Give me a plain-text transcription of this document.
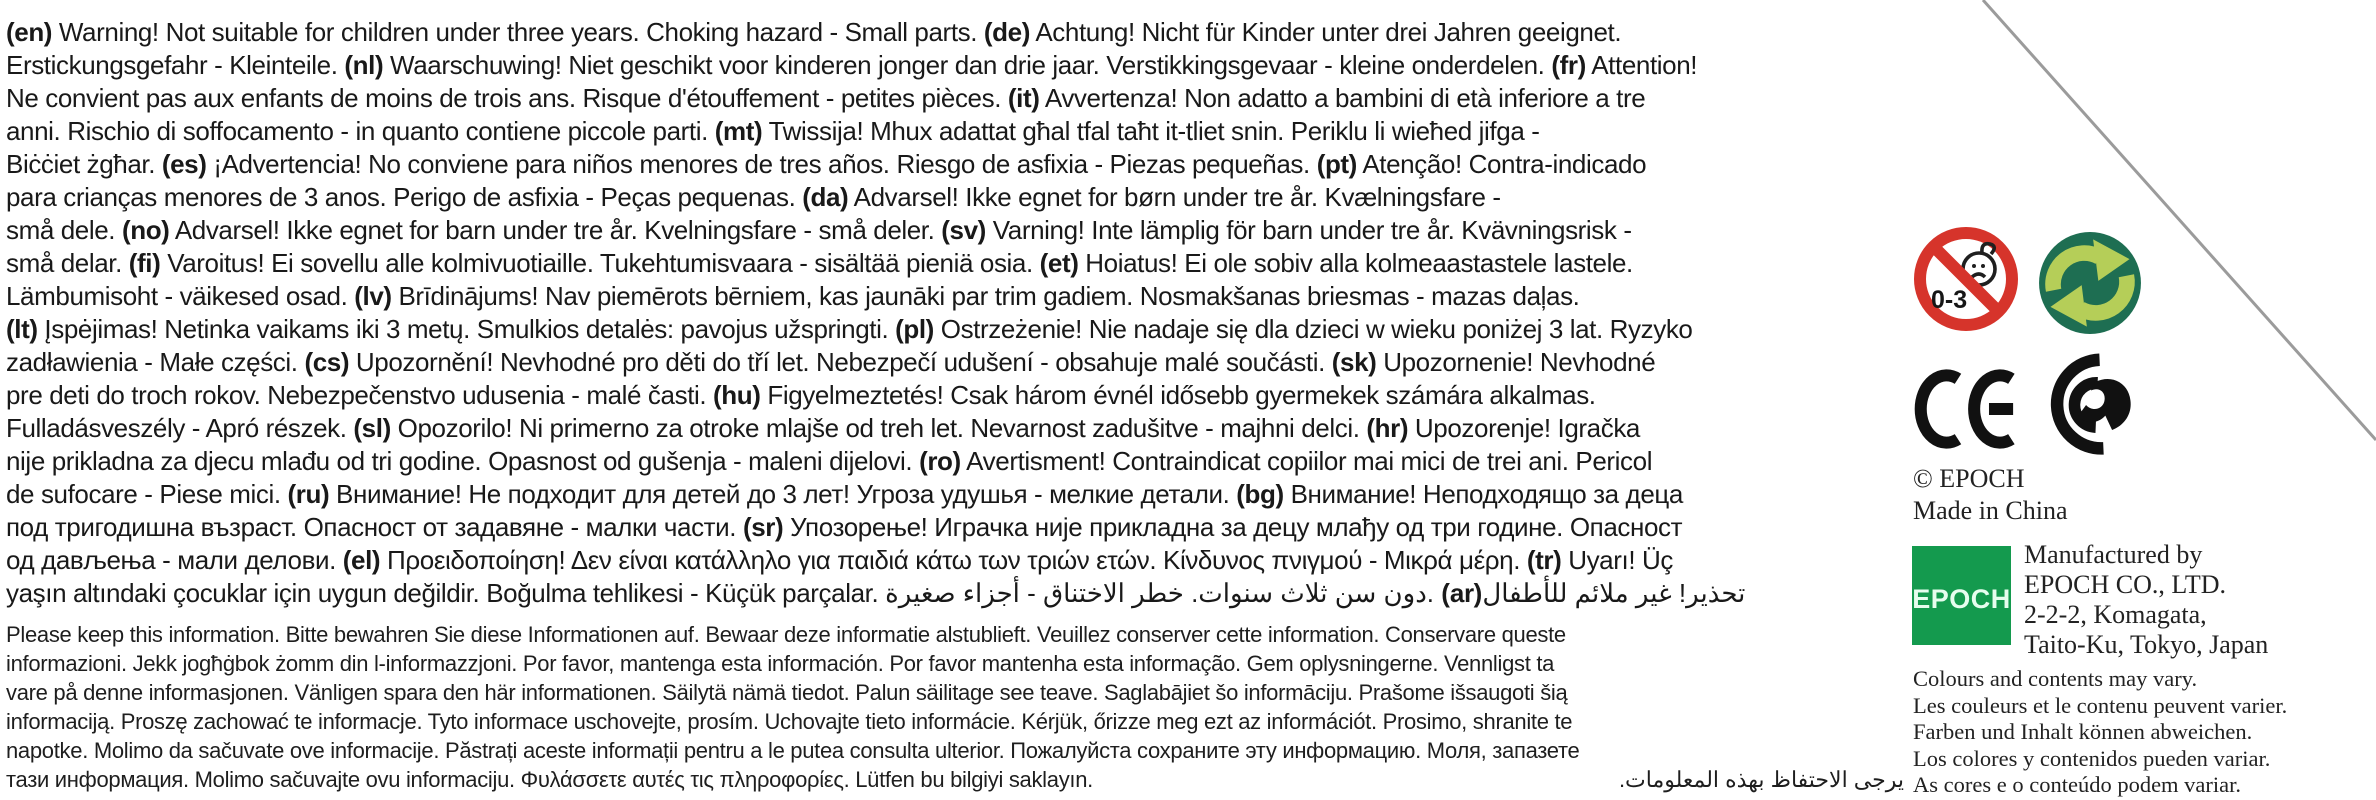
(en) Warning! Not suitable for children under three years. Choking hazard - Small parts. (de) Achtung! Nicht für Kinder unter drei Jahren geeignet.
Erstickungsgefahr - Kleinteile. (nl) Waarschuwing! Niet geschikt voor kinderen jonger dan drie jaar. Verstikkingsgevaar - kleine onderdelen. (fr) Attention!
Ne convient pas aux enfants de moins de trois ans. Risque d'étouffement - petites pièces. (it) Avvertenza! Non adatto a bambini di età inferiore a tre
anni. Rischio di soffocamento - in quanto contiene piccole parti. (mt) Twissija! Mhux adattat għal tfal taħt it-tliet snin. Periklu li wieħed jifga -
Biċċiet żgħar. (es) ¡Advertencia! No conviene para niños menores de tres años. Riesgo de asfixia - Piezas pequeñas. (pt) Atenção! Contra-indicado
para crianças menores de 3 anos. Perigo de asfixia - Peças pequenas. (da) Advarsel! Ikke egnet for børn under tre år. Kvælningsfare -
små dele. (no) Advarsel! Ikke egnet for barn under tre år. Kvelningsfare - små deler. (sv) Varning! Inte lämplig för barn under tre år. Kvävningsrisk -
små delar. (fi) Varoitus! Ei sovellu alle kolmivuotiaille. Tukehtumisvaara - sisältää pieniä osia. (et) Hoiatus! Ei ole sobiv alla kolmeaastastele lastele.
Lämbumisoht - väikesed osad. (lv) Brīdinājums! Nav piemērots bērniem, kas jaunāki par trim gadiem. Nosmakšanas briesmas - mazas daļas.
(lt) Įspėjimas! Netinka vaikams iki 3 metų. Smulkios detalės: pavojus užspringti. (pl) Ostrzeżenie! Nie nadaje się dla dzieci w wieku poniżej 3 lat. Ryzyko
zadławienia - Małe części. (cs) Upozornění! Nevhodné pro děti do tří let. Nebezpečí udušení - obsahuje malé součásti. (sk) Upozornenie! Nevhodné
pre deti do troch rokov. Nebezpečenstvo udusenia - malé časti. (hu) Figyelmeztetés! Csak három évnél idősebb gyermekek számára alkalmas.
Fulladásveszély - Apró részek. (sl) Opozorilo! Ni primerno za otroke mlajše od treh let. Nevarnost zadušitve - majhni delci. (hr) Upozorenje! Igračka
nije prikladna za djecu mlađu od tri godine. Opasnost od gušenja - maleni dijelovi. (ro) Avertisment! Contraindicat copiilor mai mici de trei ani. Pericol
de sufocare - Piese mici. (ru) Внимание! Не подходит для детей до 3 лет! Угроза удушья - мелкие детали. (bg) Внимание! Неподходящо за деца
под тригодишна възраст. Опасност от задавяне - малки части. (sr) Упозорење! Играчка није прикладна за децу млађу од три године. Опасност
од дављења - мали делови. (el) Προειδοποίηση! Δεν είναι κατάλληλο για παιδιά κάτω των τριών ετών. Κίνδυνος πνιγμού - Μικρά μέρη. (tr) Uyarı! Üç
yaşın altındaki çocuklar için uygun değildir. Boğulma tehlikesi - Küçük parçalar. دون سن ثلاث سنوات. خطر الاختناق - أجزاء صغيرة. (ar) تحذير! غير ملائم للأطفال
Please keep this information. Bitte bewahren Sie diese Informationen auf. Bewaar deze informatie alstublieft. Veuillez conserver cette information. Conservare queste
informazioni. Jekk jogħġbok żomm din l-informazzjoni. Por favor, mantenga esta información. Por favor mantenha esta informação. Gem oplysningerne. Vennligst ta
vare på denne informasjonen. Vänligen spara den här informationen. Säilytä nämä tiedot. Palun säilitage see teave. Saglabājiet šo informāciju. Prašome išsaugoti šią
informaciją. Proszę zachować te informacje. Tyto informace uschovejte, prosím. Uchovajte tieto informácie. Kérjük, őrizze meg ezt az információt. Prosimo, shranite te
napotke. Molimo da sačuvate ove informacije. Păstrați aceste informații pentru a le putea consulta ulterior. Пожалуйста сохраните эту информацию. Моля, запазете
тази информация. Molimo sačuvajte ovu informaciju. Φυλάσσετε αυτές τις πληροφορίες. Lütfen bu bilgiyi saklayın.	يرجى الاحتفاظ بهذه المعلومات.
0-3
© EPOCH
Made in China
EPOCH
Manufactured by
EPOCH CO., LTD.
2-2-2, Komagata,
Taito-Ku, Tokyo, Japan
Colours and contents may vary.
Les couleurs et le contenu peuvent varier.
Farben und Inhalt können abweichen.
Los colores y contenidos pueden variar.
As cores e o conteúdo podem variar.
